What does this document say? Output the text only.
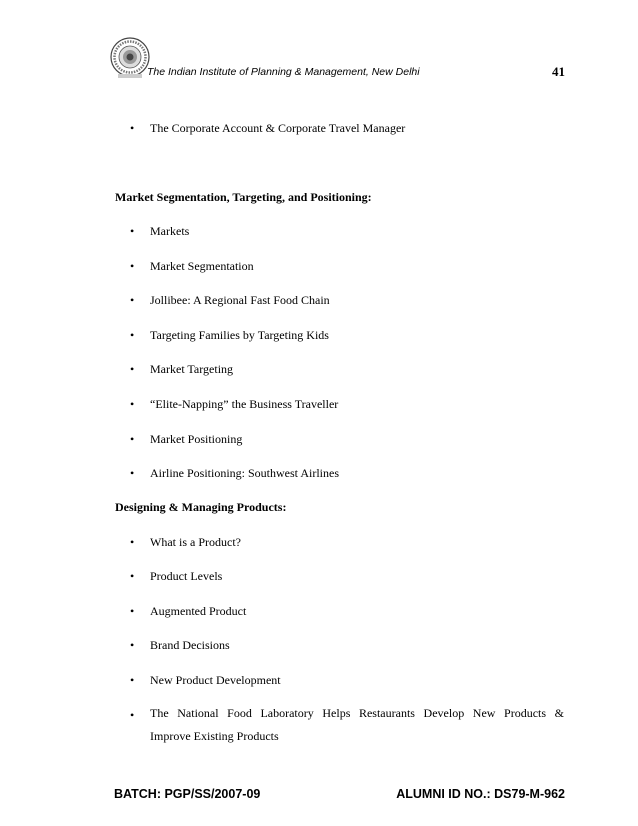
The Indian Institute of Planning & Management, New Delhi	41
• The Corporate Account & Corporate Travel Manager
Market Segmentation, Targeting, and Positioning:
• Markets
• Market Segmentation
• Jollibee: A Regional Fast Food Chain
• Targeting Families by Targeting Kids
• Market Targeting
• “Elite-Napping” the Business Traveller
• Market Positioning
• Airline Positioning: Southwest Airlines
Designing & Managing Products:
• What is a Product?
• Product Levels
• Augmented Product
• Brand Decisions
• New Product Development
• The National Food Laboratory Helps Restaurants Develop New Products &
Improve Existing Products
BATCH: PGP/SS/2007-09	ALUMNI ID NO.: DS79-M-962
